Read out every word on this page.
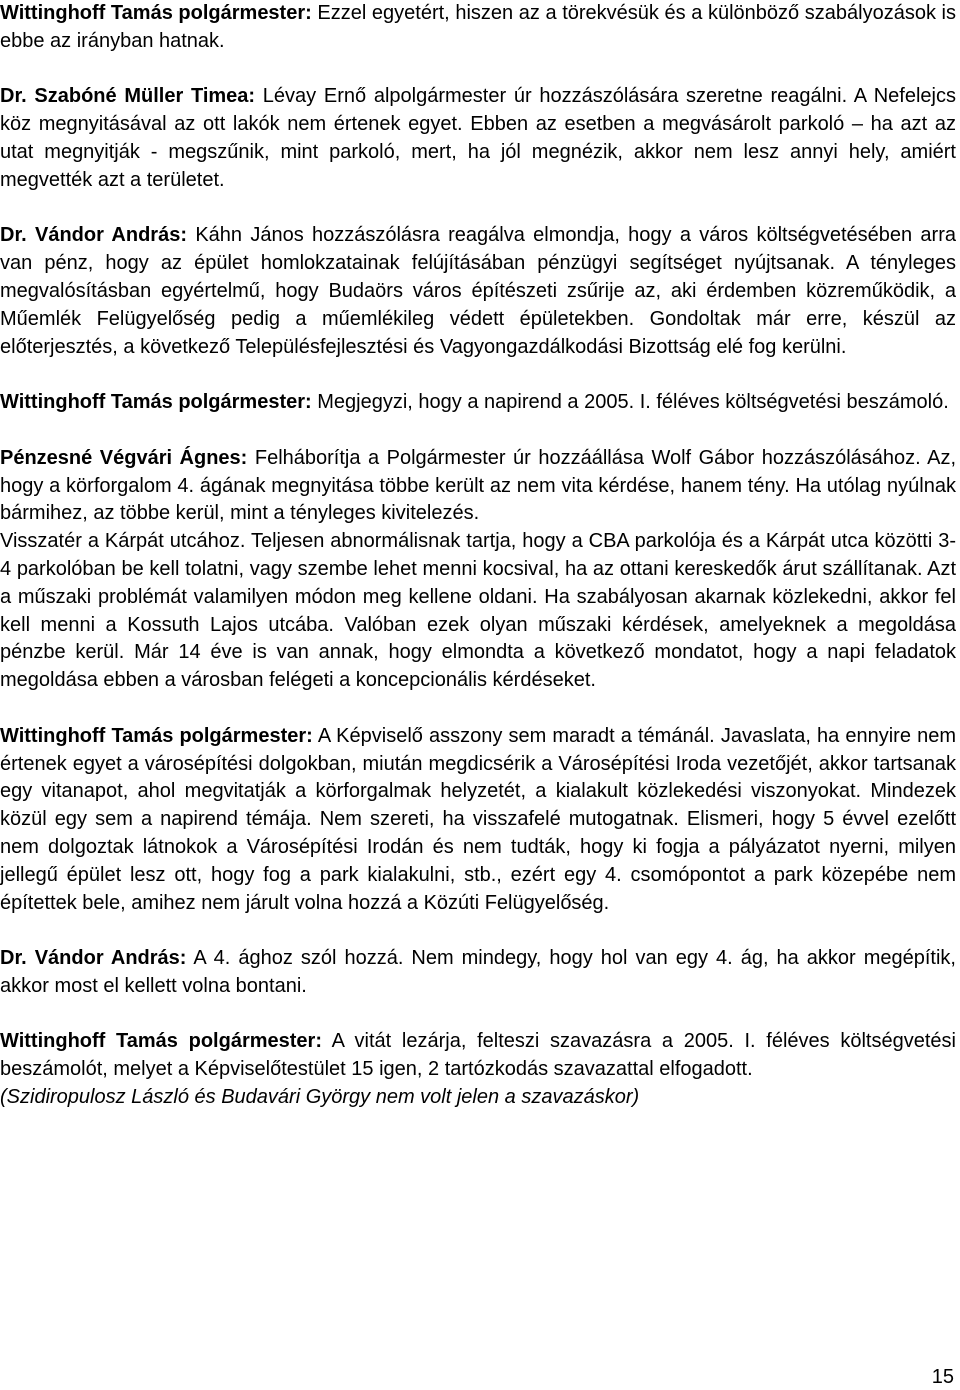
Wittinghoff Tamás polgármester: Ezzel egyetért, hiszen az a törekvésük és a különböző szabályozások is ebbe az irányban hatnak.

Dr. Szabóné Müller Timea: Lévay Ernő alpolgármester úr hozzászólására szeretne reagálni. A Nefelejcs köz megnyitásával az ott lakók nem értenek egyet. Ebben az esetben a megvásárolt parkoló – ha azt az utat megnyitják - megszűnik, mint parkoló, mert, ha jól megnézik, akkor nem lesz annyi hely, amiért megvették azt a területet.

Dr. Vándor András: Káhn János hozzászólásra reagálva elmondja, hogy a város költségvetésében arra van pénz, hogy az épület homlokzatainak felújításában pénzügyi segítséget nyújtsanak. A tényleges megvalósításban egyértelmű, hogy Budaörs város építészeti zsűrije az, aki érdemben közreműködik, a Műemlék Felügyelőség pedig a műemlékileg védett épületekben. Gondoltak már erre, készül az előterjesztés, a következő Településfejlesztési és Vagyongazdálkodási Bizottság elé fog kerülni.

Wittinghoff Tamás polgármester: Megjegyzi, hogy a napirend a 2005. I. féléves költségvetési beszámoló.

Pénzesné Végvári Ágnes: Felháborítja a Polgármester úr hozzáállása Wolf Gábor hozzászólásához. Az, hogy a körforgalom 4. ágának megnyitása többe került az nem vita kérdése, hanem tény. Ha utólag nyúlnak bármihez, az többe kerül, mint a tényleges kivitelezés.

Visszatér a Kárpát utcához. Teljesen abnormálisnak tartja, hogy a CBA parkolója és a Kárpát utca közötti 3-4 parkolóban be kell tolatni, vagy szembe lehet menni kocsival, ha az ottani kereskedők árut szállítanak. Azt a műszaki problémát valamilyen módon meg kellene oldani. Ha szabályosan akarnak közlekedni, akkor fel kell menni a Kossuth Lajos utcába. Valóban ezek olyan műszaki kérdések, amelyeknek a megoldása pénzbe kerül. Már 14 éve is van annak, hogy elmondta a következő mondatot, hogy a napi feladatok megoldása ebben a városban felégeti a koncepcionális kérdéseket.

Wittinghoff Tamás polgármester: A Képviselő asszony sem maradt a témánál. Javaslata, ha ennyire nem értenek egyet a városépítési dolgokban, miután megdicsérik a Városépítési Iroda vezetőjét, akkor tartsanak egy vitanapot, ahol megvitatják a körforgalmak helyzetét, a kialakult közlekedési viszonyokat. Mindezek közül egy sem a napirend témája. Nem szereti, ha visszafelé mutogatnak. Elismeri, hogy 5 évvel ezelőtt nem dolgoztak látnokok a Városépítési Irodán és nem tudták, hogy ki fogja a pályázatot nyerni, milyen jellegű épület lesz ott, hogy fog a park kialakulni, stb., ezért egy 4. csomópontot a park közepébe nem építettek bele, amihez nem járult volna hozzá a Közúti Felügyelőség.

Dr. Vándor András: A 4. ághoz szól hozzá. Nem mindegy, hogy hol van egy 4. ág, ha akkor megépítik, akkor most el kellett volna bontani.

Wittinghoff Tamás polgármester: A vitát lezárja, felteszi szavazásra a 2005. I. féléves költségvetési beszámolót, melyet a Képviselőtestület 15 igen, 2 tartózkodás szavazattal elfogadott.

(Szidiropulosz László és Budavári György nem volt jelen a szavazáskor)

15
